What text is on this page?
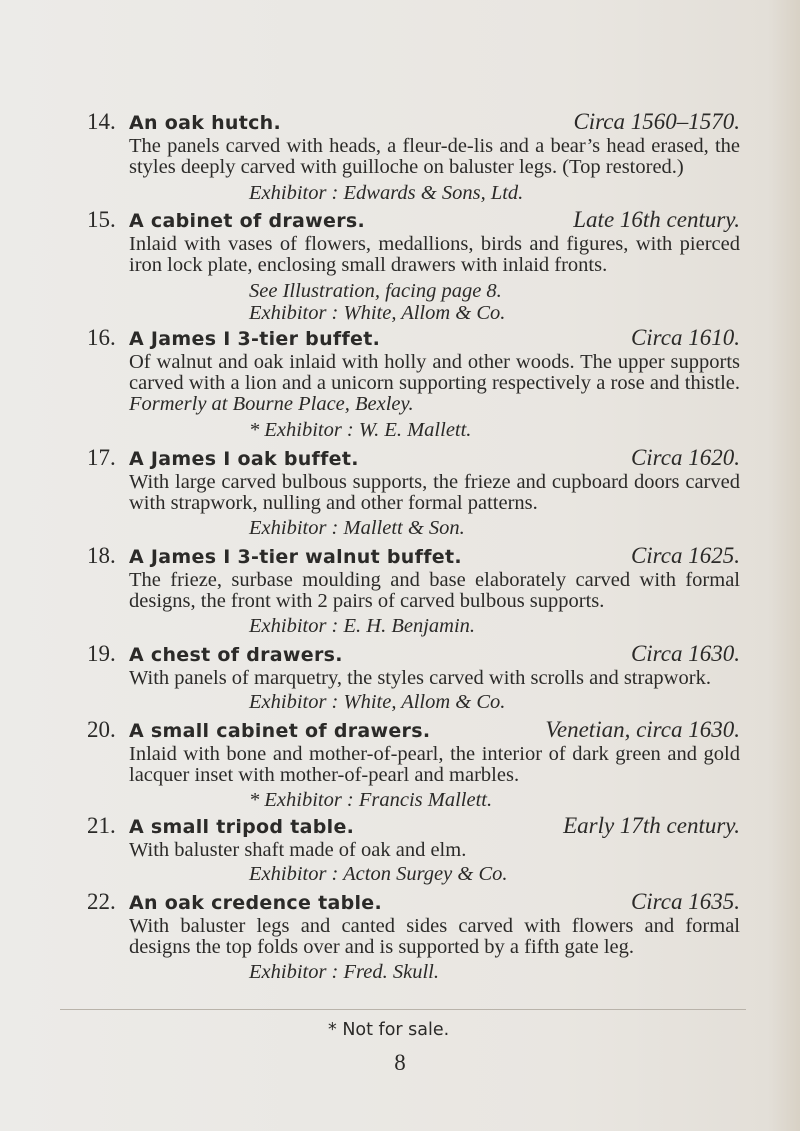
14. An oak hutch.	Circa 1560–1570.
The panels carved with heads, a fleur-de-lis and a bear’s head erased, the styles deeply carved with guilloche on baluster legs. (Top restored.)
Exhibitor : Edwards & Sons, Ltd.
15. A cabinet of drawers.	Late 16th century.
Inlaid with vases of flowers, medallions, birds and figures, with pierced iron lock plate, enclosing small drawers with inlaid fronts.
See Illustration, facing page 8.
Exhibitor : White, Allom & Co.
16. A James I 3-tier buffet.	Circa 1610.
Of walnut and oak inlaid with holly and other woods. The upper supports carved with a lion and a unicorn supporting respectively a rose and thistle. Formerly at Bourne Place, Bexley.
* Exhibitor : W. E. Mallett.
17. A James I oak buffet.	Circa 1620.
With large carved bulbous supports, the frieze and cupboard doors carved with strapwork, nulling and other formal patterns.
Exhibitor : Mallett & Son.
18. A James I 3-tier walnut buffet.	Circa 1625.
The frieze, surbase moulding and base elaborately carved with formal designs, the front with 2 pairs of carved bulbous supports.
Exhibitor : E. H. Benjamin.
19. A chest of drawers.	Circa 1630.
With panels of marquetry, the styles carved with scrolls and strapwork.
Exhibitor : White, Allom & Co.
20. A small cabinet of drawers.	Venetian, circa 1630.
Inlaid with bone and mother-of-pearl, the interior of dark green and gold lacquer inset with mother-of-pearl and marbles.
* Exhibitor : Francis Mallett.
21. A small tripod table.	Early 17th century.
With baluster shaft made of oak and elm.
Exhibitor : Acton Surgey & Co.
22. An oak credence table.	Circa 1635.
With baluster legs and canted sides carved with flowers and formal designs the top folds over and is supported by a fifth gate leg.
Exhibitor : Fred. Skull.
* Not for sale.
8
